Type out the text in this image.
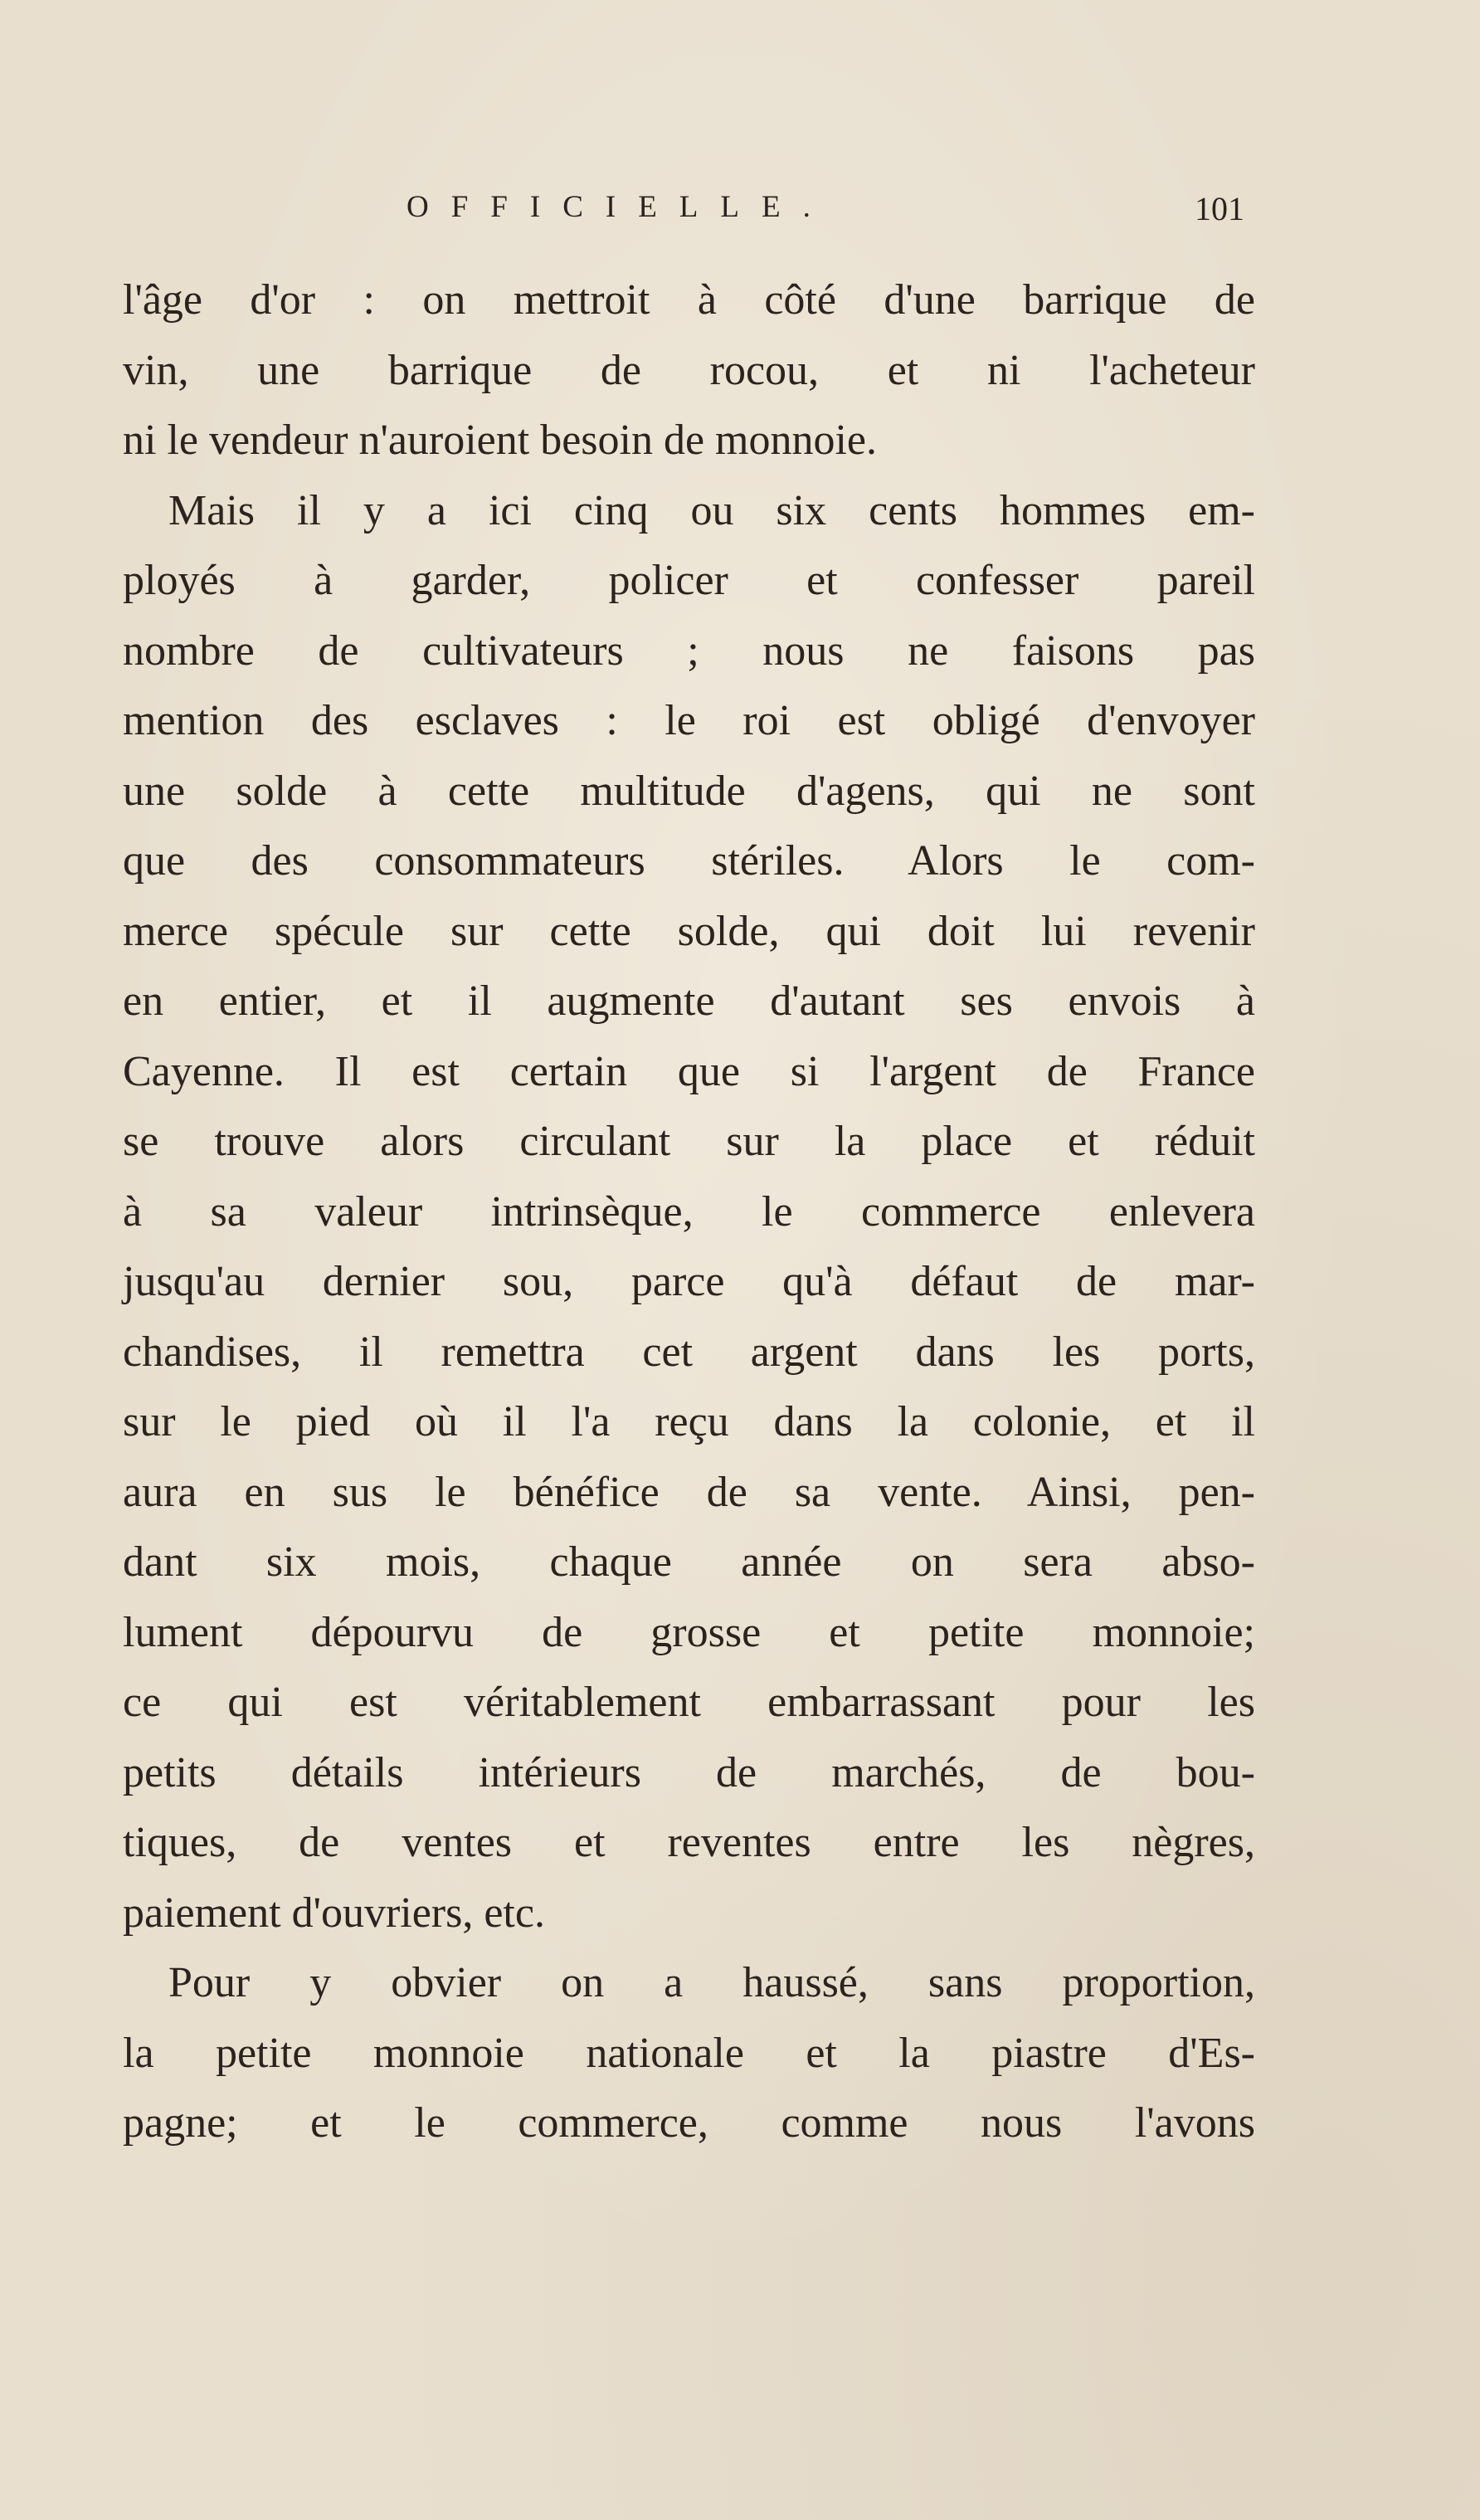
OFFICIELLE.	101
l'âge d'or : on mettroit à côté d'une barrique de
vin, une barrique de rocou, et ni l'acheteur
ni le vendeur n'auroient besoin de monnoie.
Mais il y a ici cinq ou six cents hommes em-
ployés à garder, policer et confesser pareil
nombre de cultivateurs ; nous ne faisons pas
mention des esclaves : le roi est obligé d'envoyer
une solde à cette multitude d'agens, qui ne sont
que des consommateurs stériles. Alors le com-
merce spécule sur cette solde, qui doit lui revenir
en entier, et il augmente d'autant ses envois à
Cayenne. Il est certain que si l'argent de France
se trouve alors circulant sur la place et réduit
à sa valeur intrinsèque, le commerce enlevera
jusqu'au dernier sou, parce qu'à défaut de mar-
chandises, il remettra cet argent dans les ports,
sur le pied où il l'a reçu dans la colonie, et il
aura en sus le bénéfice de sa vente. Ainsi, pen-
dant six mois, chaque année on sera abso-
lument dépourvu de grosse et petite monnoie;
ce qui est véritablement embarrassant pour les
petits détails intérieurs de marchés, de bou-
tiques, de ventes et reventes entre les nègres,
paiement d'ouvriers, etc.
Pour y obvier on a haussé, sans proportion,
la petite monnoie nationale et la piastre d'Es-
pagne; et le commerce, comme nous l'avons
